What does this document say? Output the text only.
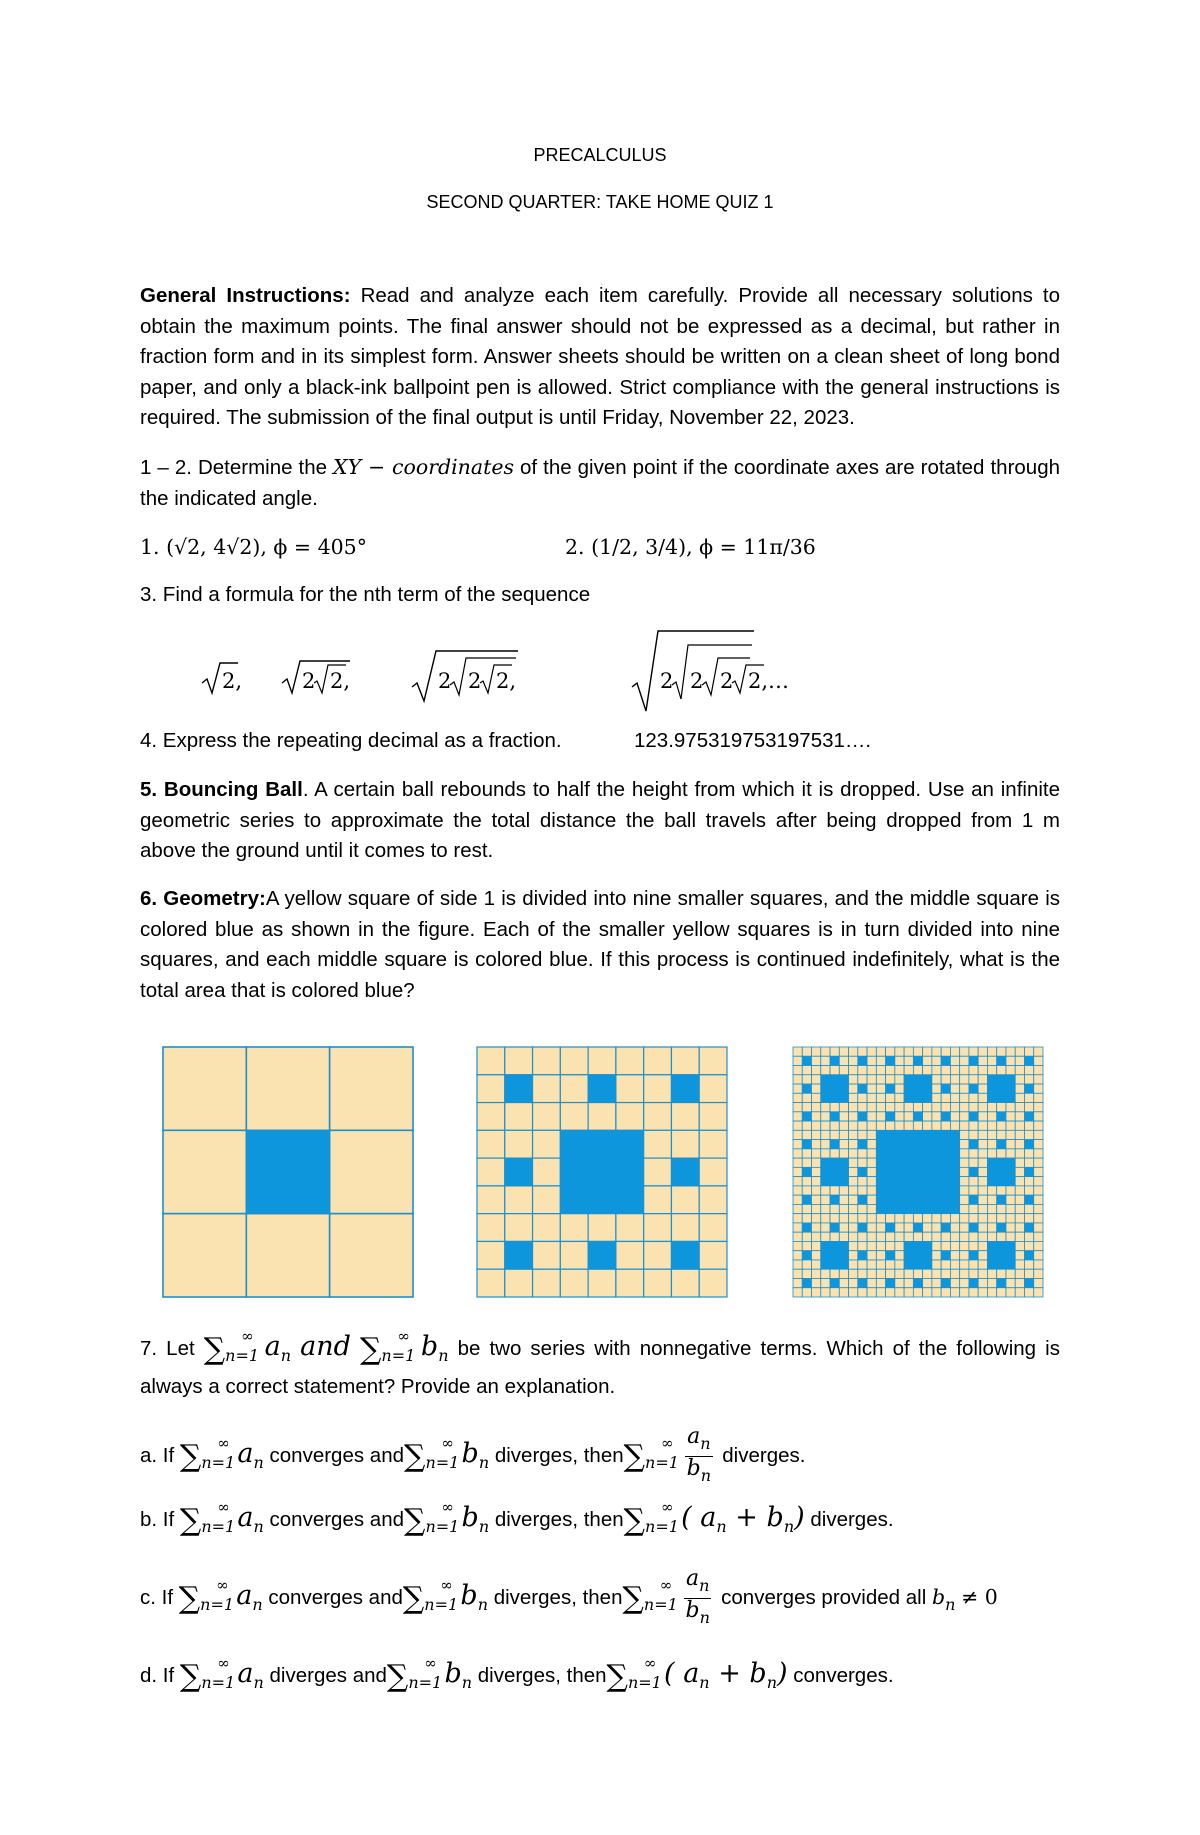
PRECALCULUS
SECOND QUARTER: TAKE HOME QUIZ 1
General Instructions: Read and analyze each item carefully. Provide all necessary solutions to obtain the maximum points. The final answer should not be expressed as a decimal, but rather in fraction form and in its simplest form. Answer sheets should be written on a clean sheet of long bond paper, and only a black-ink ballpoint pen is allowed. Strict compliance with the general instructions is required. The submission of the final output is until Friday, November 22, 2023.
1 – 2. Determine the XY − coordinates of the given point if the coordinate axes are rotated through the indicated angle.
1. (√2, 4√2), ϕ = 405°	2. (1/2, 3/4), ϕ = 11π/36
3. Find a formula for the nth term of the sequence
2,	2 2,	2 2 2,	2 2 2 2,…
4. Express the repeating decimal as a fraction.	123.975319753197531….
5. Bouncing Ball. A certain ball rebounds to half the height from which it is dropped. Use an infinite geometric series to approximate the total distance the ball travels after being dropped from 1 m above the ground until it comes to rest.
6. Geometry:A yellow square of side 1 is divided into nine smaller squares, and the middle square is colored blue as shown in the figure. Each of the smaller yellow squares is in turn divided into nine squares, and each middle square is colored blue. If this process is continued indefinitely, what is the total area that is colored blue?
7. Let $\sum_{n=1}^\infty$ $a_n$ and $\sum_{n=1}^\infty$ $b_n$ be two series with nonnegative terms. Which of the following is always a correct statement? Provide an explanation.
a. If $\sum_{n=1}^\infty$ $a_n$ converges $and\sum_{n=1}^\infty$ $b_n$ diverges, $then\sum_{n=1}^\infty \frac{a_n}{b_n}$ diverges.
b. If $\sum_{n=1}^\infty$ $a_n$ converges $and\sum_{n=1}^\infty$ $b_n$ diverges, $then\sum_{n=1}^\infty$ ( $a_n + b_n$) diverges.
c. If $\sum_{n=1}^\infty$ $a_n$ converges $and\sum_{n=1}^\infty$ $b_n$ diverges, $then\sum_{n=1}^\infty \frac{a_n}{b_n}$ converges provided all $b_n \ne 0$
d. If $\sum_{n=1}^\infty$ $a_n$ diverges $and\sum_{n=1}^\infty$ $b_n$ diverges, $then\sum_{n=1}^\infty$ ( $a_n + b_n$) converges.
